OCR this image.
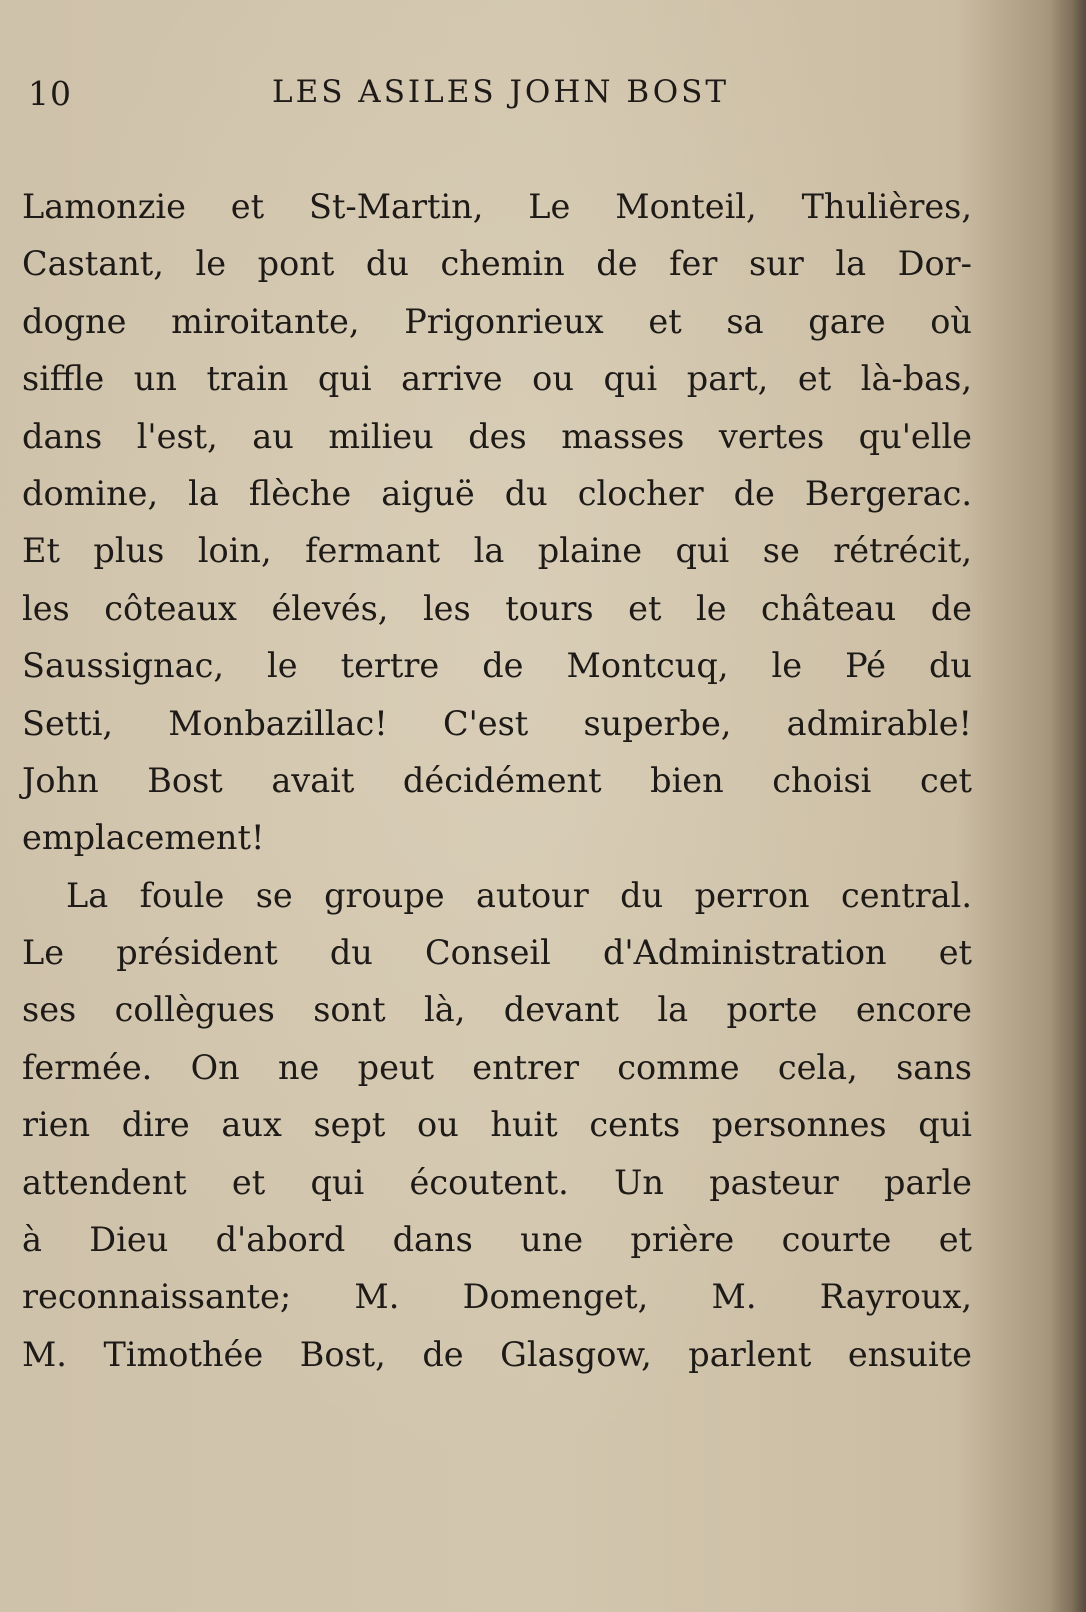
10	LES ASILES JOHN BOST
Lamonzie et St-Martin, Le Monteil, Thulières,
Castant, le pont du chemin de fer sur la Dor-
dogne miroitante, Prigonrieux et sa gare où
siffle un train qui arrive ou qui part, et là-bas,
dans l'est, au milieu des masses vertes qu'elle
domine, la flèche aiguë du clocher de Bergerac.
Et plus loin, fermant la plaine qui se rétrécit,
les côteaux élevés, les tours et le château de
Saussignac, le tertre de Montcuq, le Pé du
Setti, Monbazillac! C'est superbe, admirable!
John Bost avait décidément bien choisi cet
emplacement!
La foule se groupe autour du perron central.
Le président du Conseil d'Administration et
ses collègues sont là, devant la porte encore
fermée. On ne peut entrer comme cela, sans
rien dire aux sept ou huit cents personnes qui
attendent et qui écoutent. Un pasteur parle
à Dieu d'abord dans une prière courte et
reconnaissante; M. Domenget, M. Rayroux,
M. Timothée Bost, de Glasgow, parlent ensuite
